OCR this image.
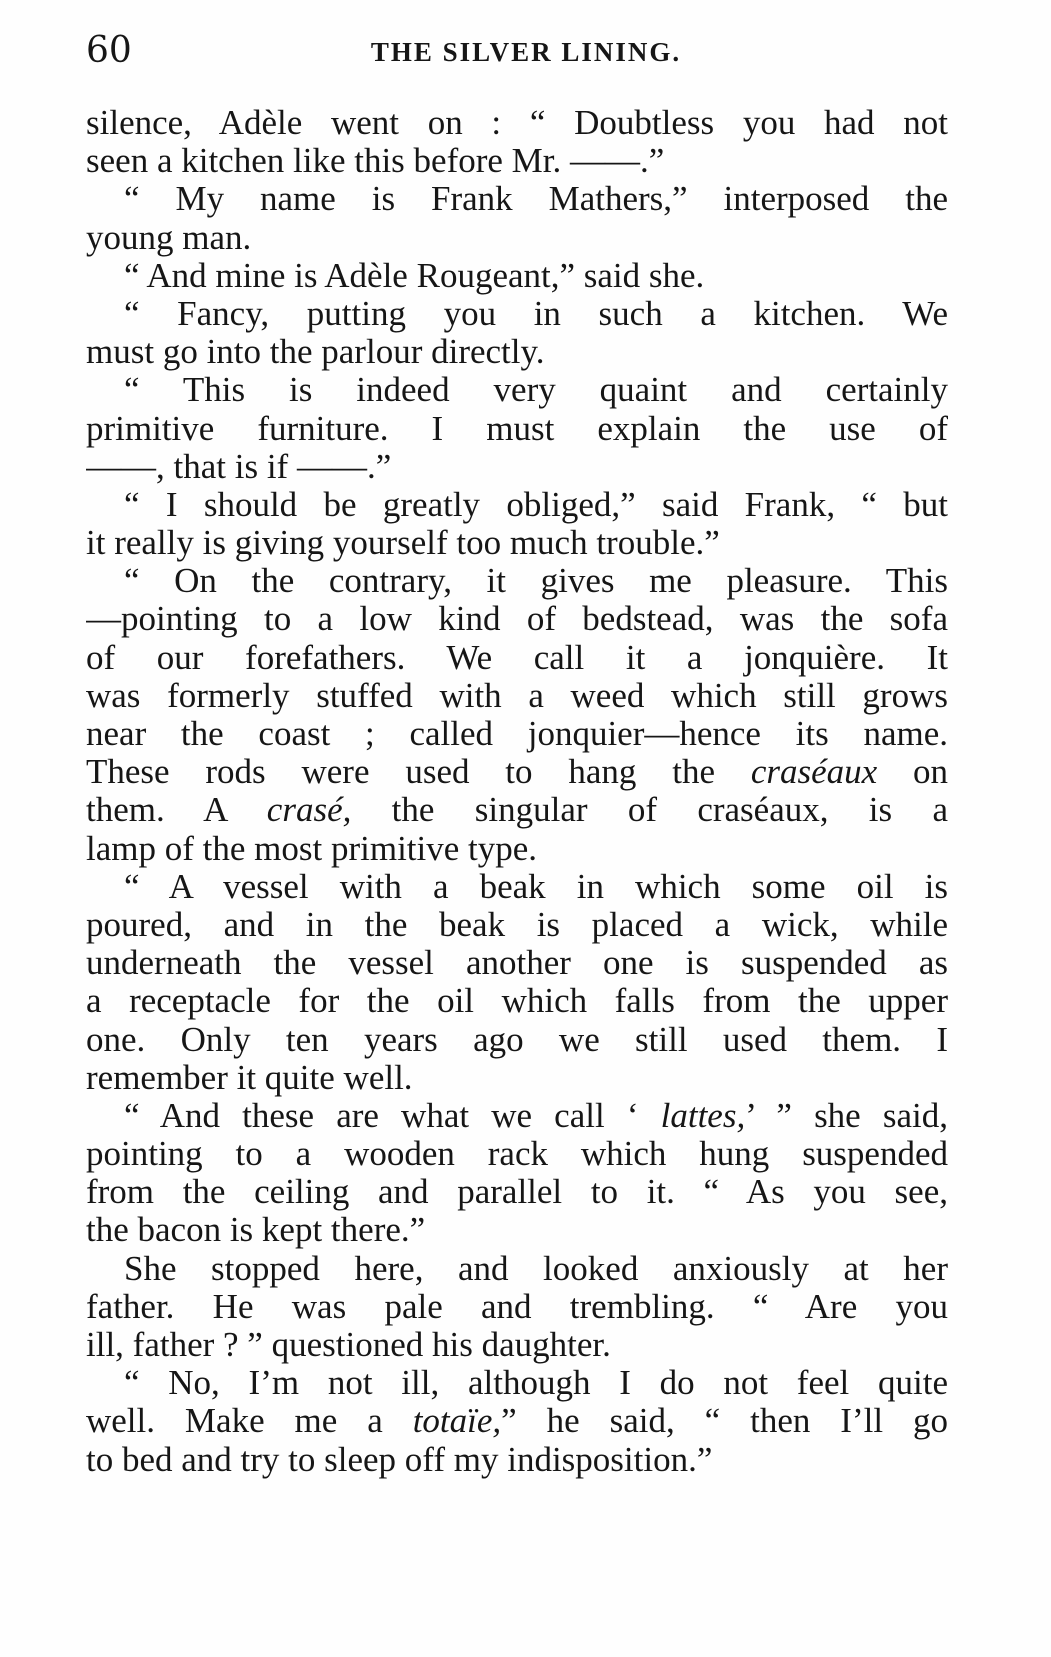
60	THE SILVER LINING.
silence, Adèle went on : “ Doubtless you had not
seen a kitchen like this before Mr. ——.”
“ My name is Frank Mathers,” interposed the
young man.
“ And mine is Adèle Rougeant,” said she.
“ Fancy, putting you in such a kitchen. We
must go into the parlour directly.
“ This is indeed very quaint and certainly
primitive furniture. I must explain the use of
——, that is if ——.”
“ I should be greatly obliged,” said Frank, “ but
it really is giving yourself too much trouble.”
“ On the contrary, it gives me pleasure. This
—pointing to a low kind of bedstead, was the sofa
of our forefathers. We call it a jonquière. It
was formerly stuffed with a weed which still grows
near the coast ; called jonquier—hence its name.
These rods were used to hang the craséaux on
them. A crasé, the singular of craséaux, is a
lamp of the most primitive type.
“ A vessel with a beak in which some oil is
poured, and in the beak is placed a wick, while
underneath the vessel another one is suspended as
a receptacle for the oil which falls from the upper
one. Only ten years ago we still used them. I
remember it quite well.
“ And these are what we call ‘ lattes,’ ” she said,
pointing to a wooden rack which hung suspended
from the ceiling and parallel to it. “ As you see,
the bacon is kept there.”
She stopped here, and looked anxiously at her
father. He was pale and trembling. “ Are you
ill, father ? ” questioned his daughter.
“ No, I’m not ill, although I do not feel quite
well. Make me a totaïe,” he said, “ then I’ll go
to bed and try to sleep off my indisposition.”
